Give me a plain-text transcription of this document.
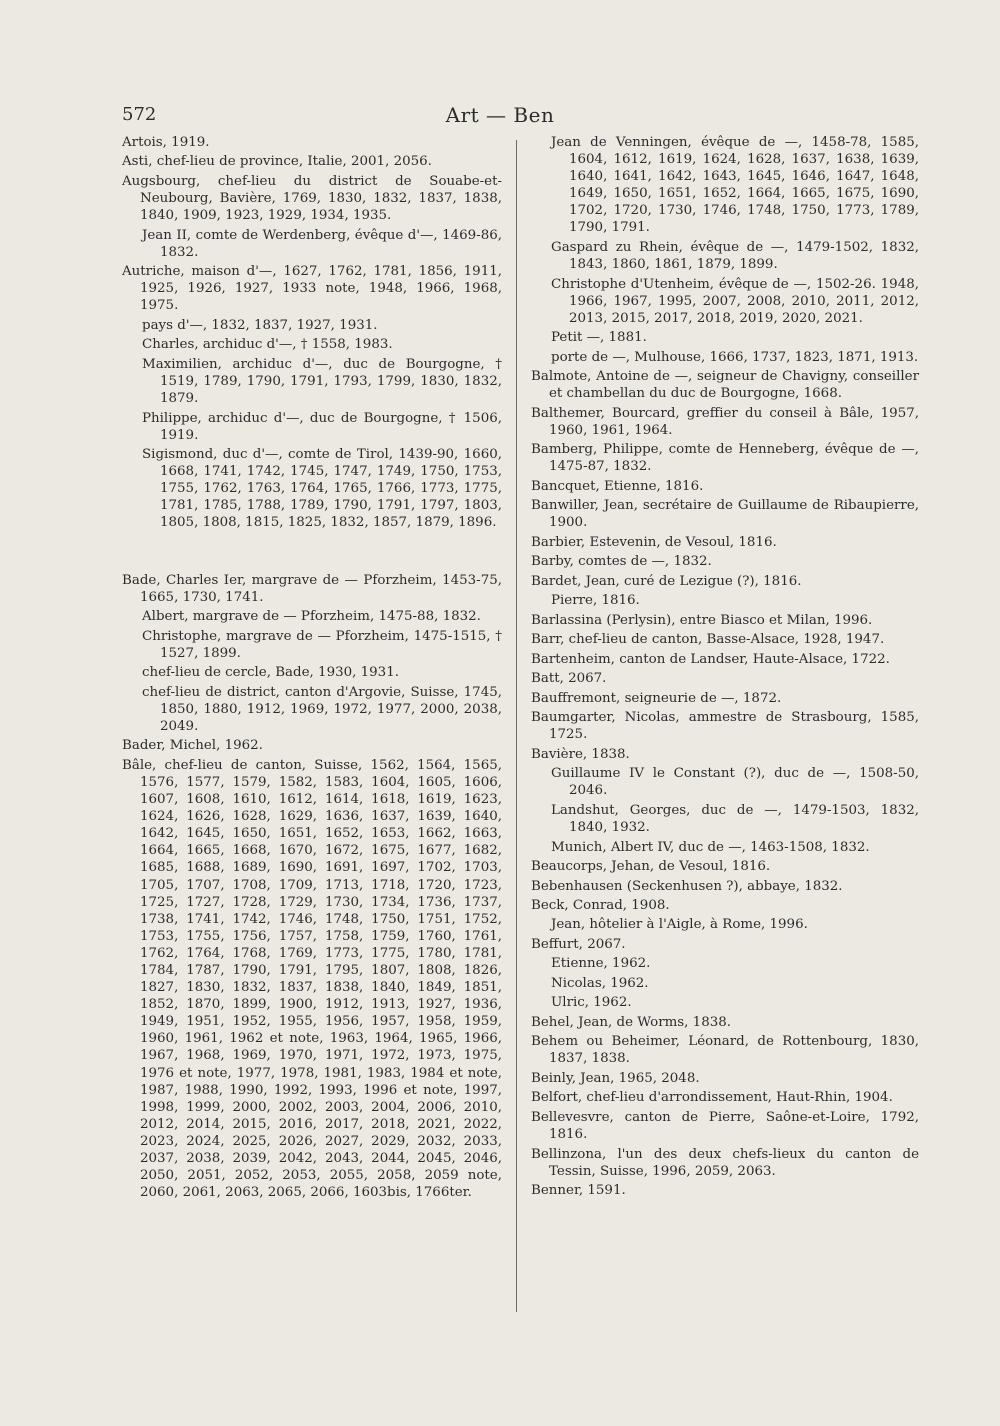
572	Art — Ben

Artois, 1919.

Asti, chef-lieu de province, Italie, 2001, 2056.

Augsbourg, chef-lieu du district de Souabe-et-Neubourg, Bavière, 1769, 1830, 1832, 1837, 1838, 1840, 1909, 1923, 1929, 1934, 1935.

Jean II, comte de Werdenberg, évêque d'—, 1469-86, 1832.

Autriche, maison d'—, 1627, 1762, 1781, 1856, 1911, 1925, 1926, 1927, 1933 note, 1948, 1966, 1968, 1975.

pays d'—, 1832, 1837, 1927, 1931.

Charles, archiduc d'—, † 1558, 1983.

Maximilien, archiduc d'—, duc de Bourgogne, † 1519, 1789, 1790, 1791, 1793, 1799, 1830, 1832, 1879.

Philippe, archiduc d'—, duc de Bourgogne, † 1506, 1919.

Sigismond, duc d'—, comte de Tirol, 1439-90, 1660, 1668, 1741, 1742, 1745, 1747, 1749, 1750, 1753, 1755, 1762, 1763, 1764, 1765, 1766, 1773, 1775, 1781, 1785, 1788, 1789, 1790, 1791, 1797, 1803, 1805, 1808, 1815, 1825, 1832, 1857, 1879, 1896.

Bade, Charles Ier, margrave de — Pforzheim, 1453-75, 1665, 1730, 1741.

Albert, margrave de — Pforzheim, 1475-88, 1832.

Christophe, margrave de — Pforzheim, 1475-1515, † 1527, 1899.

chef-lieu de cercle, Bade, 1930, 1931.

chef-lieu de district, canton d'Argovie, Suisse, 1745, 1850, 1880, 1912, 1969, 1972, 1977, 2000, 2038, 2049.

Bader, Michel, 1962.

Bâle, chef-lieu de canton, Suisse, 1562, 1564, 1565, 1576, 1577, 1579, 1582, 1583, 1604, 1605, 1606, 1607, 1608, 1610, 1612, 1614, 1618, 1619, 1623, 1624, 1626, 1628, 1629, 1636, 1637, 1639, 1640, 1642, 1645, 1650, 1651, 1652, 1653, 1662, 1663, 1664, 1665, 1668, 1670, 1672, 1675, 1677, 1682, 1685, 1688, 1689, 1690, 1691, 1697, 1702, 1703, 1705, 1707, 1708, 1709, 1713, 1718, 1720, 1723, 1725, 1727, 1728, 1729, 1730, 1734, 1736, 1737, 1738, 1741, 1742, 1746, 1748, 1750, 1751, 1752, 1753, 1755, 1756, 1757, 1758, 1759, 1760, 1761, 1762, 1764, 1768, 1769, 1773, 1775, 1780, 1781, 1784, 1787, 1790, 1791, 1795, 1807, 1808, 1826, 1827, 1830, 1832, 1837, 1838, 1840, 1849, 1851, 1852, 1870, 1899, 1900, 1912, 1913, 1927, 1936, 1949, 1951, 1952, 1955, 1956, 1957, 1958, 1959, 1960, 1961, 1962 et note, 1963, 1964, 1965, 1966, 1967, 1968, 1969, 1970, 1971, 1972, 1973, 1975, 1976 et note, 1977, 1978, 1981, 1983, 1984 et note, 1987, 1988, 1990, 1992, 1993, 1996 et note, 1997, 1998, 1999, 2000, 2002, 2003, 2004, 2006, 2010, 2012, 2014, 2015, 2016, 2017, 2018, 2021, 2022, 2023, 2024, 2025, 2026, 2027, 2029, 2032, 2033, 2037, 2038, 2039, 2042, 2043, 2044, 2045, 2046, 2050, 2051, 2052, 2053, 2055, 2058, 2059 note, 2060, 2061, 2063, 2065, 2066, 1603bis, 1766ter.

Jean de Venningen, évêque de —, 1458-78, 1585, 1604, 1612, 1619, 1624, 1628, 1637, 1638, 1639, 1640, 1641, 1642, 1643, 1645, 1646, 1647, 1648, 1649, 1650, 1651, 1652, 1664, 1665, 1675, 1690, 1702, 1720, 1730, 1746, 1748, 1750, 1773, 1789, 1790, 1791.

Gaspard zu Rhein, évêque de —, 1479-1502, 1832, 1843, 1860, 1861, 1879, 1899.

Christophe d'Utenheim, évêque de —, 1502-26. 1948, 1966, 1967, 1995, 2007, 2008, 2010, 2011, 2012, 2013, 2015, 2017, 2018, 2019, 2020, 2021.

Petit —, 1881.

porte de —, Mulhouse, 1666, 1737, 1823, 1871, 1913.

Balmote, Antoine de —, seigneur de Chavigny, conseiller et chambellan du duc de Bourgogne, 1668.

Balthemer, Bourcard, greffier du conseil à Bâle, 1957, 1960, 1961, 1964.

Bamberg, Philippe, comte de Henneberg, évêque de —, 1475-87, 1832.

Bancquet, Etienne, 1816.

Banwiller, Jean, secrétaire de Guillaume de Ribaupierre, 1900.

Barbier, Estevenin, de Vesoul, 1816.

Barby, comtes de —, 1832.

Bardet, Jean, curé de Lezigue (?), 1816.

Pierre, 1816.

Barlassina (Perlysin), entre Biasco et Milan, 1996.

Barr, chef-lieu de canton, Basse-Alsace, 1928, 1947.

Bartenheim, canton de Landser, Haute-Alsace, 1722.

Batt, 2067.

Bauffremont, seigneurie de —, 1872.

Baumgarter, Nicolas, ammestre de Strasbourg, 1585, 1725.

Bavière, 1838.

Guillaume IV le Constant (?), duc de —, 1508-50, 2046.

Landshut, Georges, duc de —, 1479-1503, 1832, 1840, 1932.

Munich, Albert IV, duc de —, 1463-1508, 1832.

Beaucorps, Jehan, de Vesoul, 1816.

Bebenhausen (Seckenhusen ?), abbaye, 1832.

Beck, Conrad, 1908.

Jean, hôtelier à l'Aigle, à Rome, 1996.

Beffurt, 2067.

Etienne, 1962.

Nicolas, 1962.

Ulric, 1962.

Behel, Jean, de Worms, 1838.

Behem ou Beheimer, Léonard, de Rottenbourg, 1830, 1837, 1838.

Beinly, Jean, 1965, 2048.

Belfort, chef-lieu d'arrondissement, Haut-Rhin, 1904.

Bellevesvre, canton de Pierre, Saône-et-Loire, 1792, 1816.

Bellinzona, l'un des deux chefs-lieux du canton de Tessin, Suisse, 1996, 2059, 2063.

Benner, 1591.
